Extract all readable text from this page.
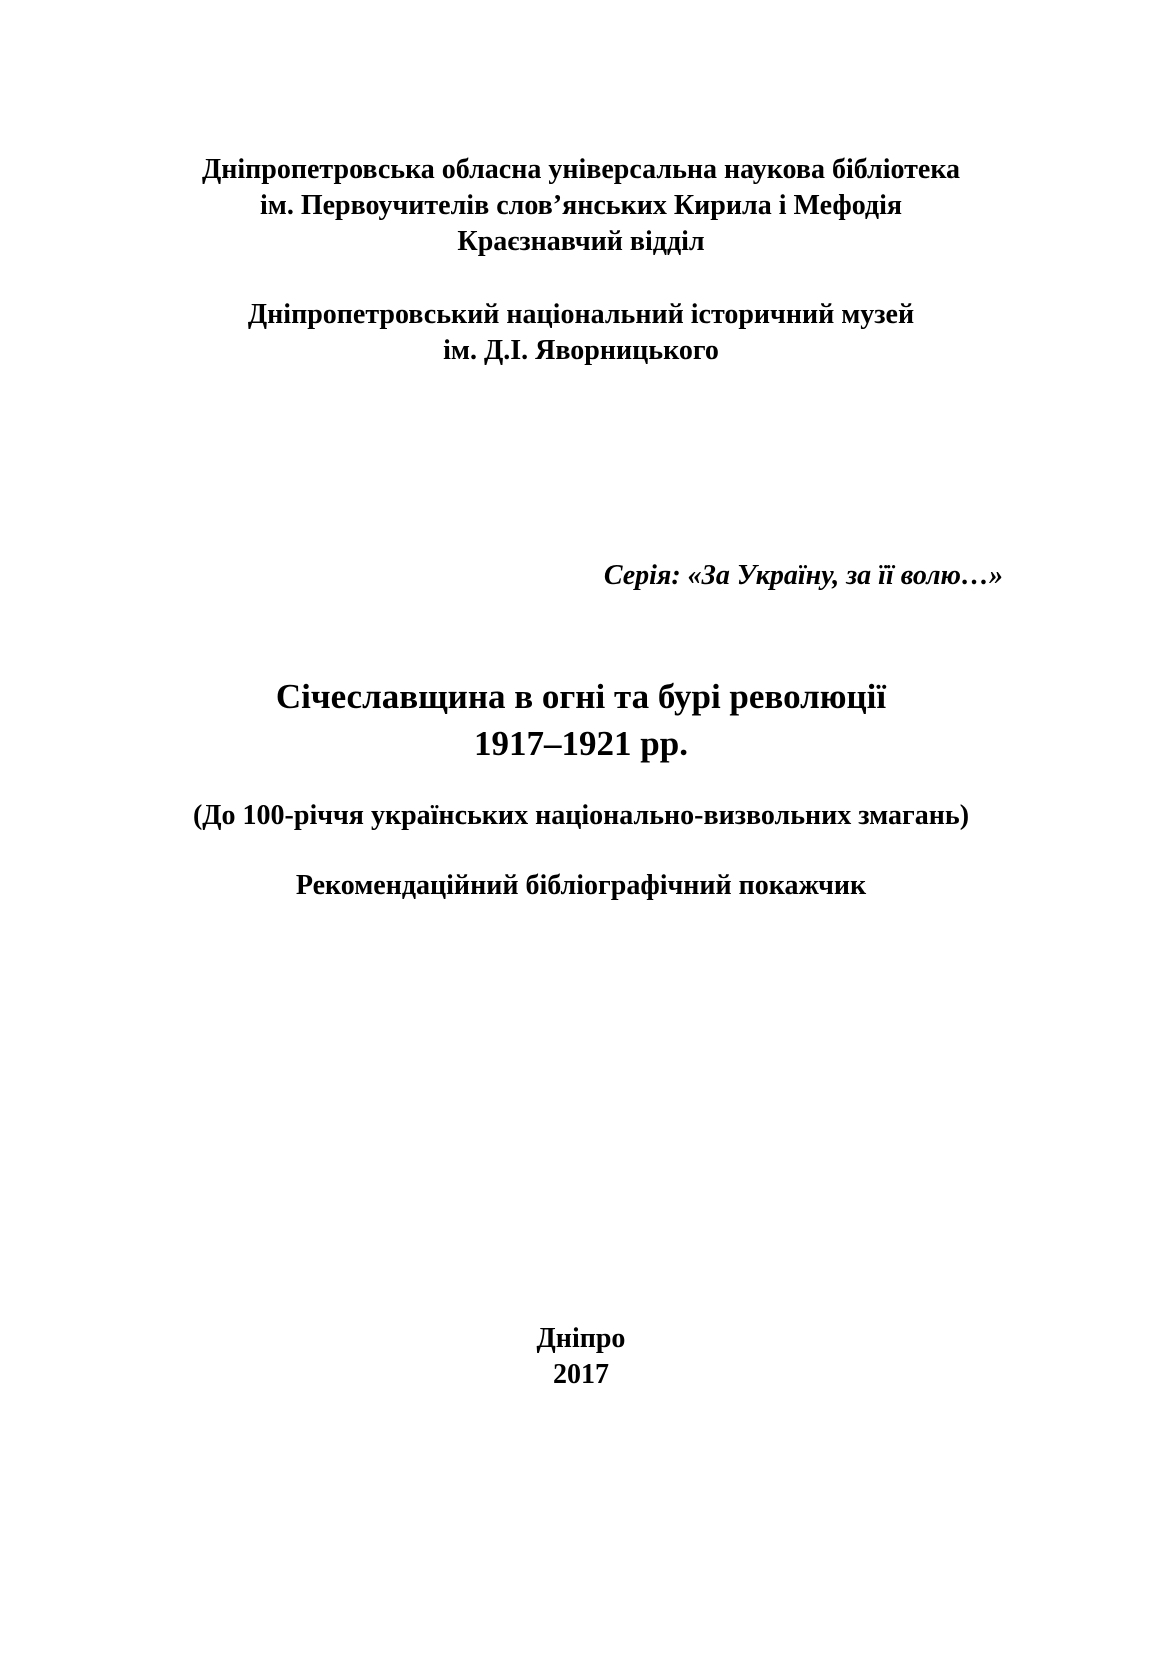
Дніпропетровська обласна універсальна наукова бібліотека
ім. Первоучителів слов’янських Кирила і Мефодія
Краєзнавчий відділ
Дніпропетровський національний історичний музей
ім. Д.І. Яворницького
Серія: «За Україну, за її волю…»
Січеславщина в огні та бурі революції
1917–1921 рр.
(До 100-річчя українських національно-визвольних змагань)
Рекомендаційний бібліографічний покажчик
Дніпро
2017
